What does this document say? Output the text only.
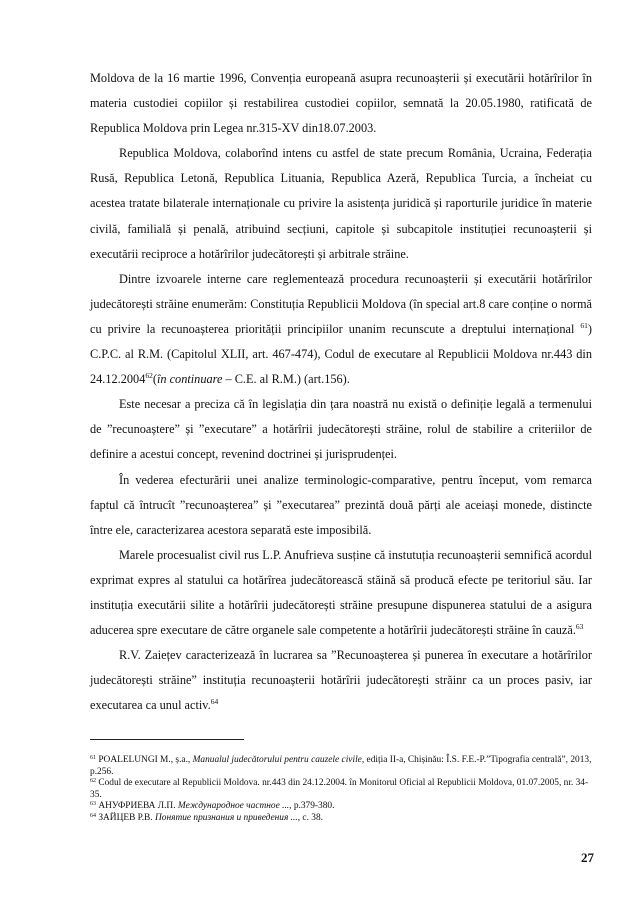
Moldova de la 16 martie 1996, Convenția europeană asupra recunoașterii și executării hotărîrilor în materia custodiei copiilor și restabilirea custodiei copiilor, semnată la 20.05.1980, ratificată de Republica Moldova prin Legea nr.315-XV din18.07.2003.

Republica Moldova, colaborînd intens cu astfel de state precum România, Ucraina, Federația Rusă, Republica Letonă, Republica Lituania, Republica Azeră, Republica Turcia, a încheiat cu acestea tratate bilaterale internaționale cu privire la asistența juridică și raporturile juridice în materie civilă, familială și penală, atribuind secțiuni, capitole și subcapitole instituției recunoașterii și executării reciproce a hotărîrilor judecătorești și arbitrale străine.

Dintre izvoarele interne care reglementează procedura recunoașterii și executării hotărîrilor judecătorești străine enumerăm: Constituția Republicii Moldova (în special art.8 care conține o normă cu privire la recunoașterea priorității principiilor unanim recunscute a dreptului internațional $^{61}$) C.P.C. al R.M. (Capitolul XLII, art. 467-474), Codul de executare al Republicii Moldova nr.443 din 24.12.2004$^{62}$(în continuare – C.E. al R.M.) (art.156).

Este necesar a preciza că în legislația din țara noastră nu există o definiție legală a termenului de ”recunoaștere” și ”executare” a hotărîrii judecătorești străine, rolul de stabilire a criteriilor de definire a acestui concept, revenind doctrinei și jurisprudenței.

În vederea efecturării unei analize terminologic-comparative, pentru început, vom remarca faptul că întrucît ”recunoașterea” și ”executarea” prezintă două părți ale aceiași monede, distincte între ele, caracterizarea acestora separată este imposibilă.

Marele procesualist civil rus L.P. Anufrieva susține că instutuția recunoașterii semnifică acordul exprimat expres al statului ca hotărîrea judecătorească stăină să producă efecte pe teritoriul său. Iar instituția executării silite a hotărîrii judecătorești străine presupune dispunerea statului de a asigura aducerea spre executare de către organele sale competente a hotărîrii judecătorești străine în cauză.$^{63}$

R.V. Zaiețev caracterizează în lucrarea sa ”Recunoașterea și punerea în executare a hotărîrilor judecătorești străine” instituția recunoașterii hotărîrii judecătorești străinr ca un proces pasiv, iar executarea ca unul activ.$^{64}$

$^{61}$ POALELUNGI M., ș.a., Manualul judecătorului pentru cauzele civile, ediția II-a, Chișinău: Î.S. F.E.-P.”Tipografia centrală”, 2013, p.256.

$^{62}$ Codul de executare al Republicii Moldova. nr.443 din 24.12.2004. în Monitorul Oficial al Republicii Moldova, 01.07.2005, nr. 34-35.

$^{63}$ АНУФРИЕВА Л.П. Международное частное ..., p.379-380.

$^{64}$ ЗАЙЦЕВ Р.В. Понятие признания и приведения ..., c. 38.

27
